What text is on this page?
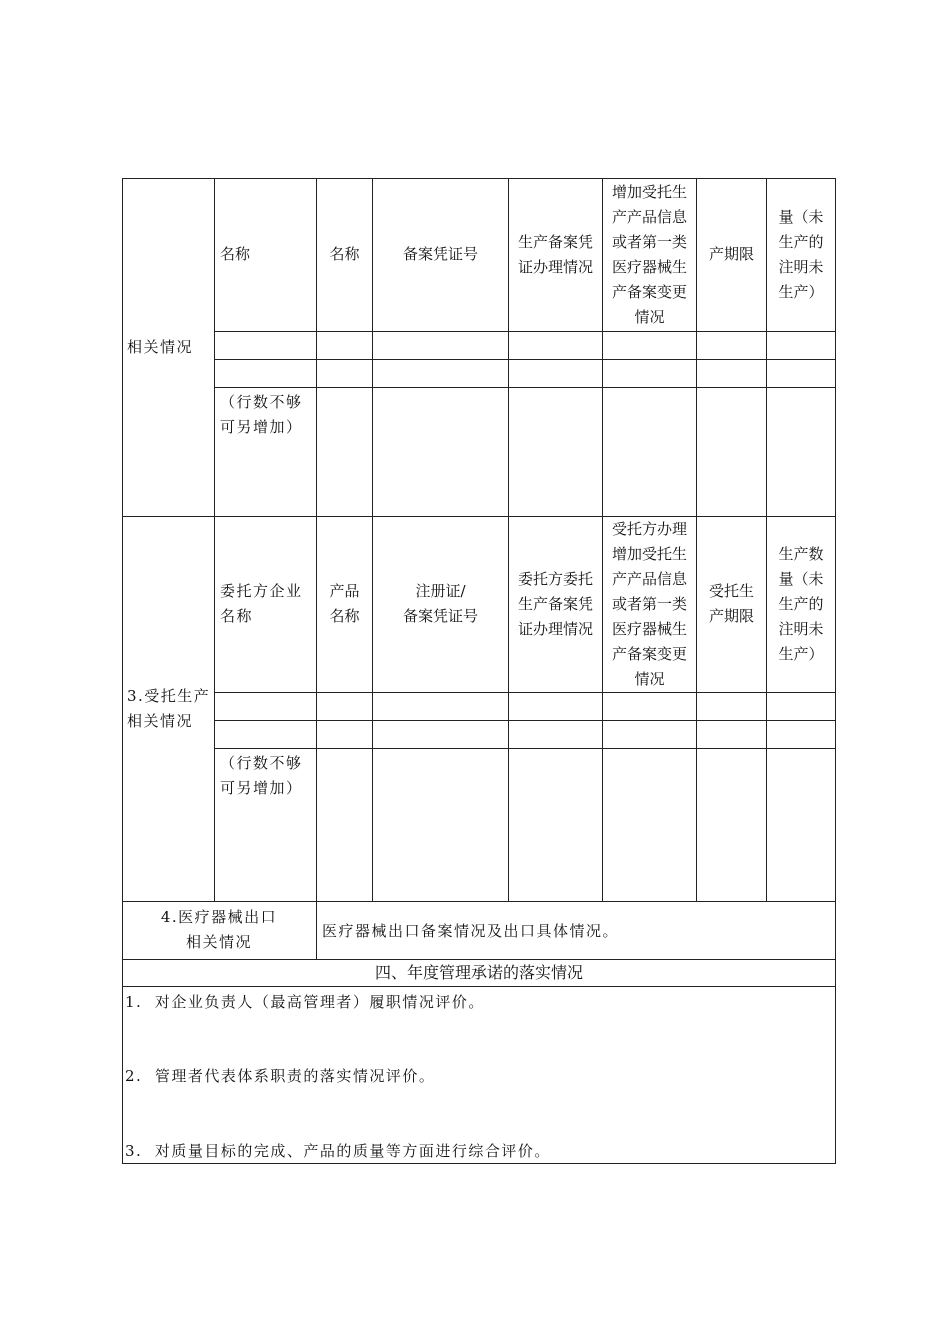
相关情况
名称	名称	备案凭证号
生产备案凭证办理情况
增加受托生产产品信息或者第一类医疗器械生产备案变更情况
产期限
量（未生产的注明未生产）
（行数不够可另增加）
3.受托生产相关情况
委托方企业名称
产品名称
注册证/
备案凭证号
委托方委托生产备案凭证办理情况
受托方办理增加受托生产产品信息或者第一类医疗器械生产备案变更情况
受托生产期限
生产数量（未生产的注明未生产）
（行数不够可另增加）
4.医疗器械出口
相关情况
医疗器械出口备案情况及出口具体情况。
四、年度管理承诺的落实情况
1.  对企业负责人（最高管理者）履职情况评价。
2.  管理者代表体系职责的落实情况评价。
3.  对质量目标的完成、产品的质量等方面进行综合评价。
